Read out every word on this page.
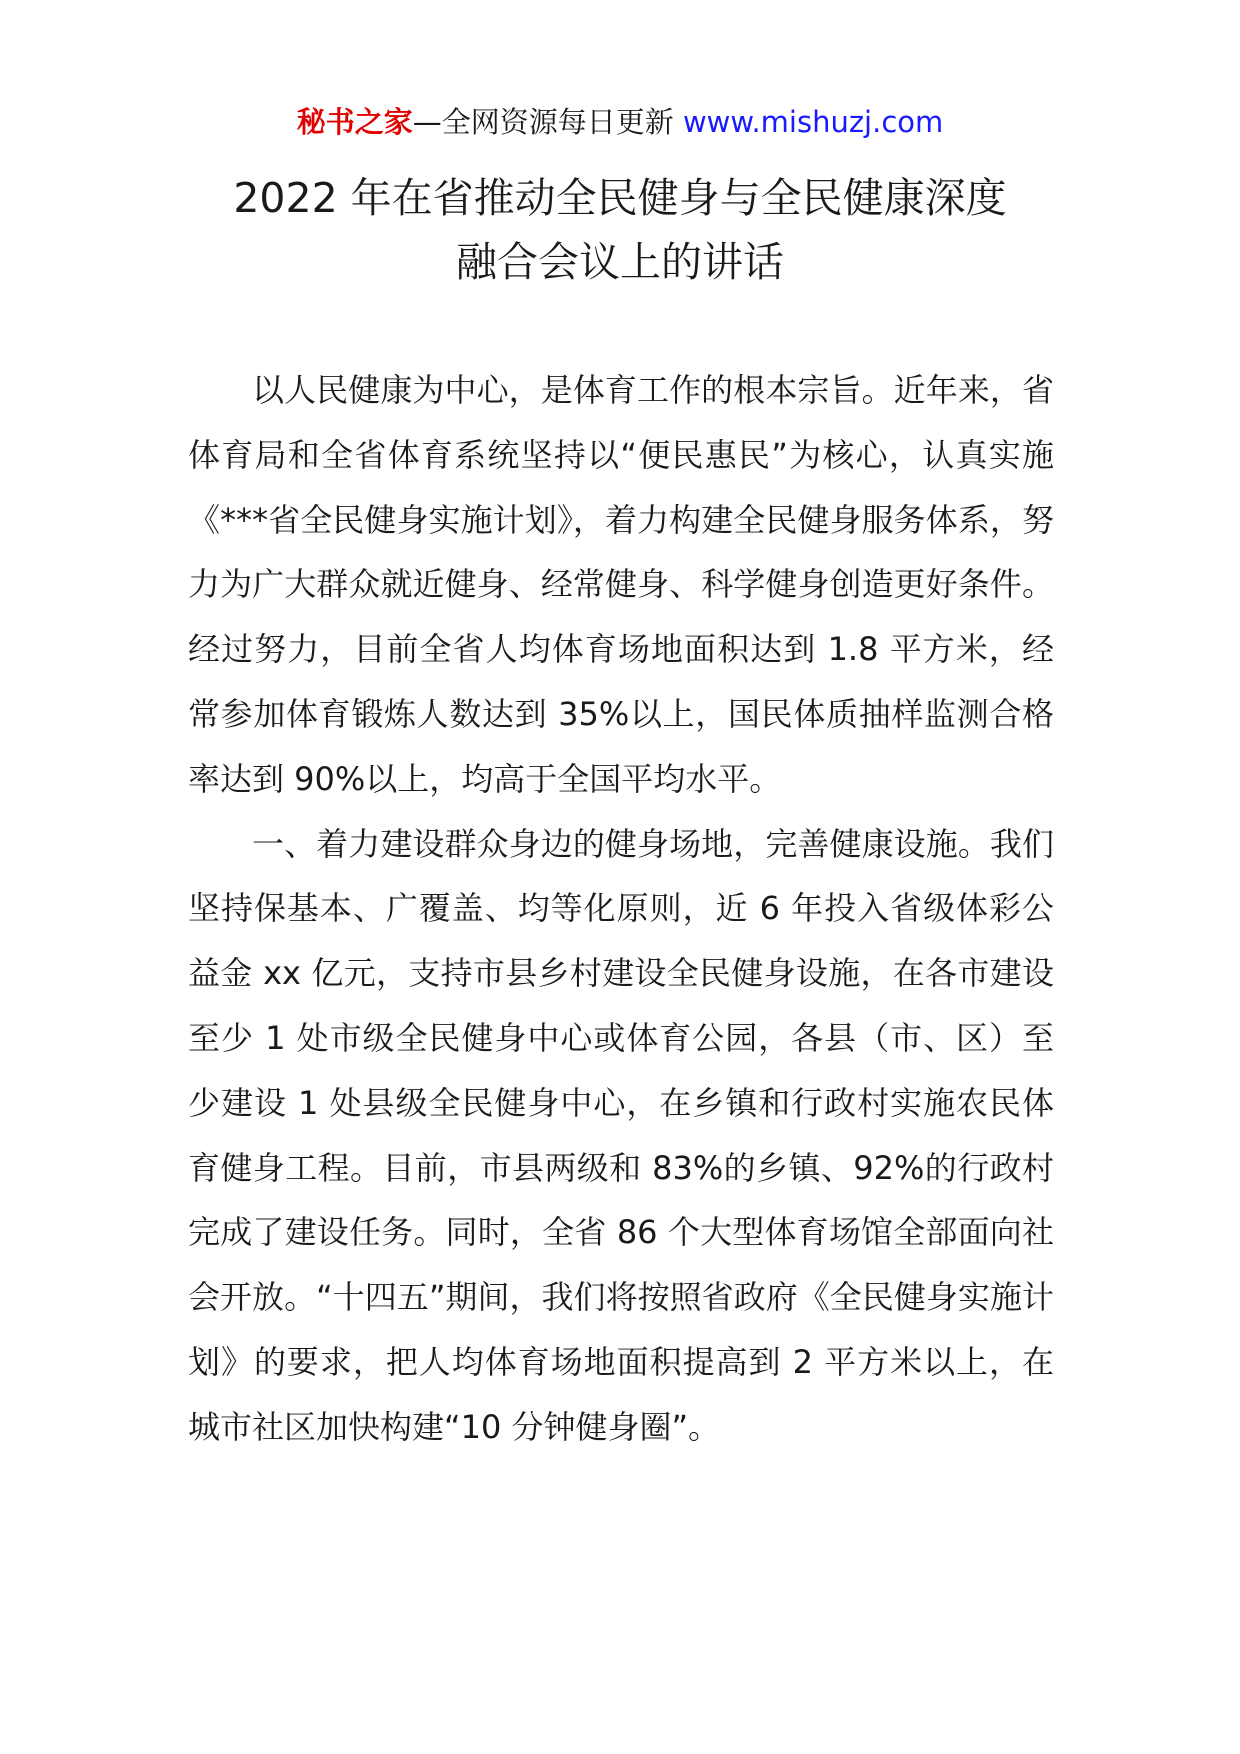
秘书之家—全网资源每日更新 www.mishuzj.com
2022 年在省推动全民健身与全民健康深度
融合会议上的讲话

以人民健康为中心，是体育工作的根本宗旨。近年来，省体育局和全省体育系统坚持以“便民惠民”为核心，认真实施《***省全民健身实施计划》，着力构建全民健身服务体系，努力为广大群众就近健身、经常健身、科学健身创造更好条件。经过努力，目前全省人均体育场地面积达到 1.8 平方米，经常参加体育锻炼人数达到 35%以上，国民体质抽样监测合格率达到 90%以上，均高于全国平均水平。

一、着力建设群众身边的健身场地，完善健康设施。我们坚持保基本、广覆盖、均等化原则，近 6 年投入省级体彩公益金 xx 亿元，支持市县乡村建设全民健身设施，在各市建设至少 1 处市级全民健身中心或体育公园，各县（市、区）至少建设 1 处县级全民健身中心，在乡镇和行政村实施农民体育健身工程。目前，市县两级和 83%的乡镇、92%的行政村完成了建设任务。同时，全省 86 个大型体育场馆全部面向社会开放。“十四五”期间，我们将按照省政府《全民健身实施计划》的要求，把人均体育场地面积提高到 2 平方米以上，在城市社区加快构建“10 分钟健身圈”。
